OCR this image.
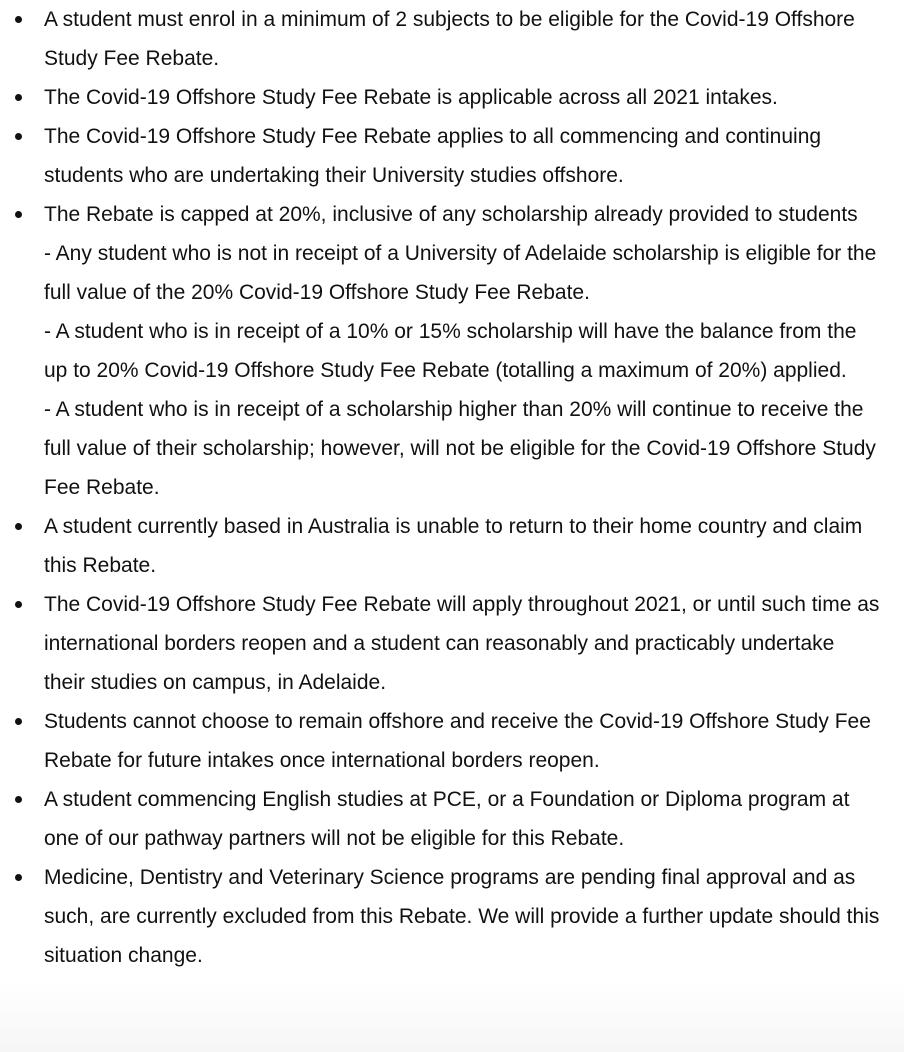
A student must enrol in a minimum of 2 subjects to be eligible for the Covid-19 Offshore Study Fee Rebate.
The Covid-19 Offshore Study Fee Rebate is applicable across all 2021 intakes.
The Covid-19 Offshore Study Fee Rebate applies to all commencing and continuing students who are undertaking their University studies offshore.
The Rebate is capped at 20%, inclusive of any scholarship already provided to students
- Any student who is not in receipt of a University of Adelaide scholarship is eligible for the full value of the 20% Covid-19 Offshore Study Fee Rebate.
- A student who is in receipt of a 10% or 15% scholarship will have the balance from the up to 20% Covid-19 Offshore Study Fee Rebate (totalling a maximum of 20%) applied.
- A student who is in receipt of a scholarship higher than 20% will continue to receive the full value of their scholarship; however, will not be eligible for the Covid-19 Offshore Study Fee Rebate.
A student currently based in Australia is unable to return to their home country and claim this Rebate.
The Covid-19 Offshore Study Fee Rebate will apply throughout 2021, or until such time as international borders reopen and a student can reasonably and practicably undertake their studies on campus, in Adelaide.
Students cannot choose to remain offshore and receive the Covid-19 Offshore Study Fee Rebate for future intakes once international borders reopen.
A student commencing English studies at PCE, or a Foundation or Diploma program at one of our pathway partners will not be eligible for this Rebate.
Medicine, Dentistry and Veterinary Science programs are pending final approval and as such, are currently excluded from this Rebate. We will provide a further update should this situation change.
